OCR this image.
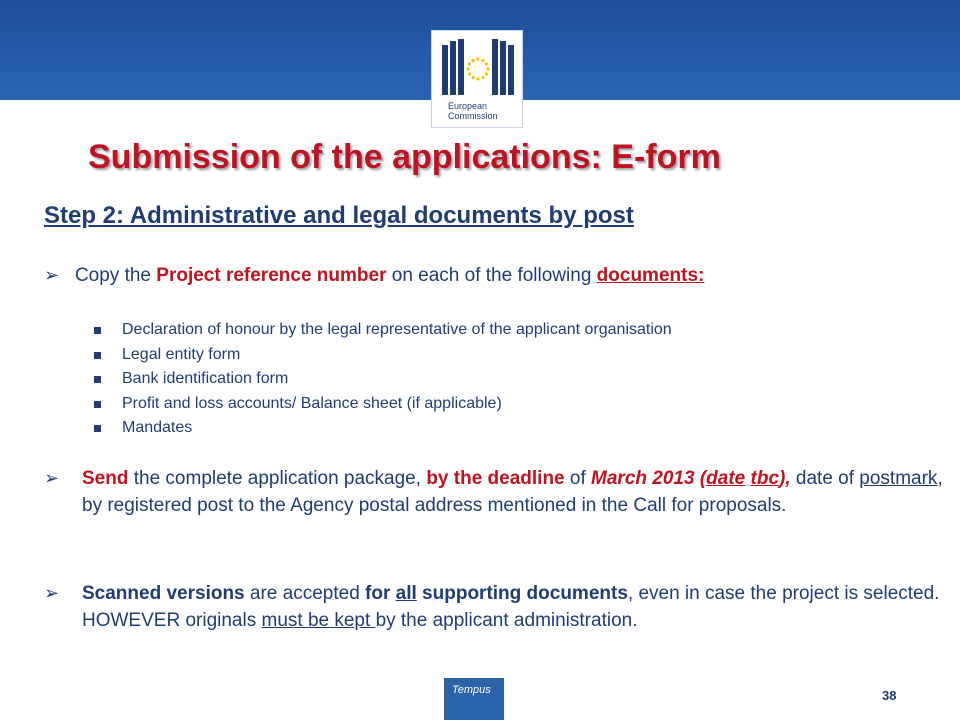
European
Commission
Submission of the applications: E-form
Step 2: Administrative and legal documents by post
➢ Copy the Project reference number on each of the following documents:
Declaration of honour by the legal representative of the applicant organisation
Legal entity form
Bank identification form
Profit and loss accounts/ Balance sheet (if applicable)
Mandates
➢ Send the complete application package, by the deadline of March 2013 (date tbc), date of postmark, by registered post to the Agency postal address mentioned in the Call for proposals.
➢ Scanned versions are accepted for all supporting documents, even in case the project is selected. HOWEVER originals must be kept by the applicant administration.
Tempus	38
